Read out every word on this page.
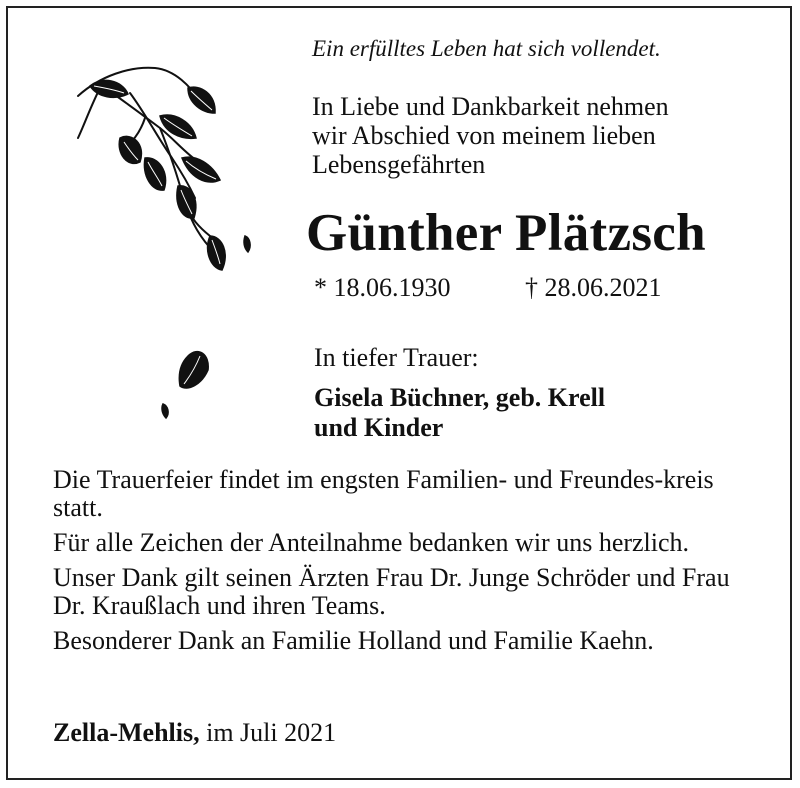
Ein erfülltes Leben hat sich vollendet.
In Liebe und Dankbarkeit nehmen
wir Abschied von meinem lieben
Lebensgefährten
Günther Plätzsch
* 18.06.1930	† 28.06.2021
In tiefer Trauer:
Gisela Büchner, geb. Krell
und Kinder

Die Trauerfeier findet im engsten Familien- und Freundes-kreis statt.

Für alle Zeichen der Anteilnahme bedanken wir uns herzlich.

Unser Dank gilt seinen Ärzten Frau Dr. Junge Schröder und Frau Dr. Kraußlach und ihren Teams.

Besonderer Dank an Familie Holland und Familie Kaehn.

Zella-Mehlis, im Juli 2021
